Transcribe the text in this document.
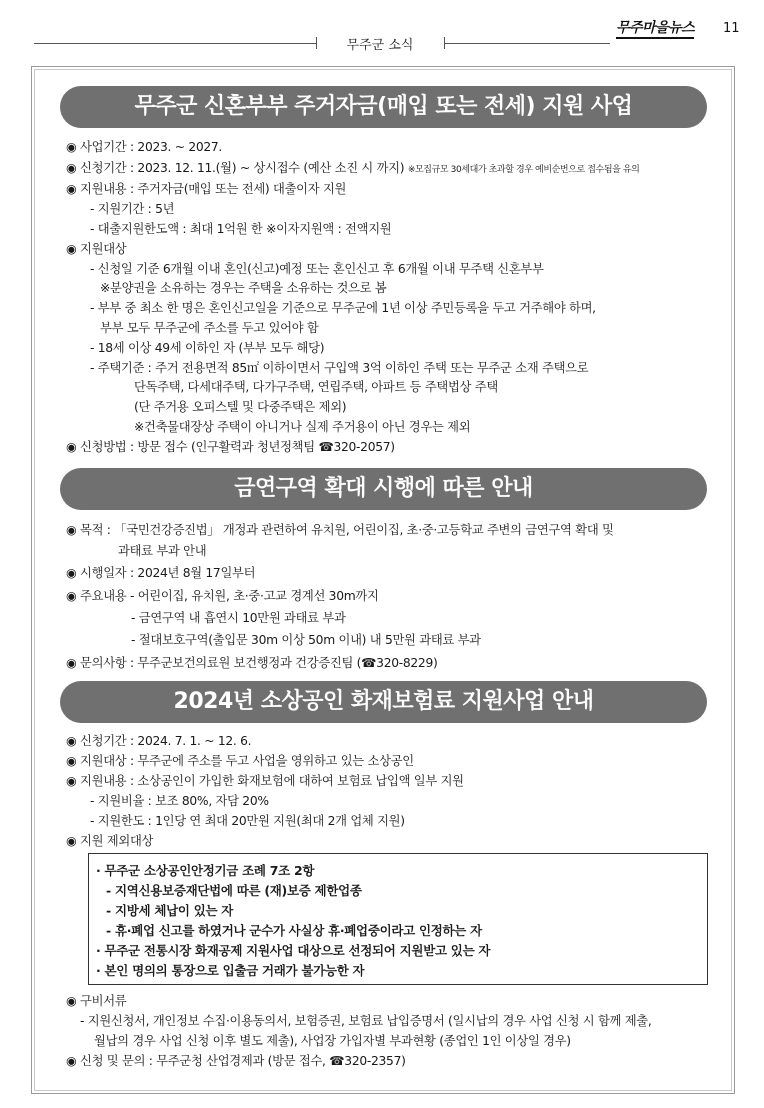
무주군 소식
무주마을뉴스 11
무주군 신혼부부 주거자금(매입 또는 전세) 지원 사업
◉ 사업기간 : 2023. ~ 2027.
◉ 신청기간 : 2023. 12. 11.(월) ~ 상시접수 (예산 소진 시 까지) ※모집규모 30세대가 초과할 경우 예비순번으로 접수됨을 유의
◉ 지원내용 : 주거자금(매입 또는 전세) 대출이자 지원
- 지원기간 : 5년
- 대출지원한도액 : 최대 1억원 한 ※이자지원액 : 전액지원
◉ 지원대상
- 신청일 기준 6개월 이내 혼인(신고)예정 또는 혼인신고 후 6개월 이내 무주택 신혼부부
※분양권을 소유하는 경우는 주택을 소유하는 것으로 봄
- 부부 중 최소 한 명은 혼인신고일을 기준으로 무주군에 1년 이상 주민등록을 두고 거주해야 하며,
부부 모두 무주군에 주소를 두고 있어야 함
- 18세 이상 49세 이하인 자 (부부 모두 해당)
- 주택기준 : 주거 전용면적 85㎡ 이하이면서 구입액 3억 이하인 주택 또는 무주군 소재 주택으로
단독주택, 다세대주택, 다가구주택, 연립주택, 아파트 등 주택법상 주택
(단 주거용 오피스텔 및 다중주택은 제외)
※건축물대장상 주택이 아니거나 실제 주거용이 아닌 경우는 제외
◉ 신청방법 : 방문 접수 (인구활력과 청년정책팀 ☎320-2057)
금연구역 확대 시행에 따른 안내
◉ 목적 : 「국민건강증진법」 개정과 관련하여 유치원, 어린이집, 초·중·고등학교 주변의 금연구역 확대 및
과태료 부과 안내
◉ 시행일자 : 2024년 8월 17일부터
◉ 주요내용 - 어린이집, 유치원, 초·중·고교 경계선 30m까지
- 금연구역 내 흡연시 10만원 과태료 부과
- 절대보호구역(출입문 30m 이상 50m 이내) 내 5만원 과태료 부과
◉ 문의사항 : 무주군보건의료원 보건행정과 건강증진팀 (☎320-8229)
2024년 소상공인 화재보험료 지원사업 안내
◉ 신청기간 : 2024. 7. 1. ~ 12. 6.
◉ 지원대상 : 무주군에 주소를 두고 사업을 영위하고 있는 소상공인
◉ 지원내용 : 소상공인이 가입한 화재보험에 대하여 보험료 납입액 일부 지원
- 지원비율 : 보조 80%, 자담 20%
- 지원한도 : 1인당 연 최대 20만원 지원(최대 2개 업체 지원)
◉ 지원 제외대상
· 무주군 소상공인안정기금 조례 7조 2항
- 지역신용보증재단법에 따른 (재)보증 제한업종
- 지방세 체납이 있는 자
- 휴·폐업 신고를 하였거나 군수가 사실상 휴·폐업중이라고 인정하는 자
· 무주군 전통시장 화재공제 지원사업 대상으로 선정되어 지원받고 있는 자
· 본인 명의의 통장으로 입출금 거래가 불가능한 자
◉ 구비서류
- 지원신청서, 개인정보 수집·이용동의서, 보험증권, 보험료 납입증명서 (일시납의 경우 사업 신청 시 함께 제출,
월납의 경우 사업 신청 이후 별도 제출), 사업장 가입자별 부과현황 (종업인 1인 이상일 경우)
◉ 신청 및 문의 : 무주군청 산업경제과 (방문 접수, ☎320-2357)
